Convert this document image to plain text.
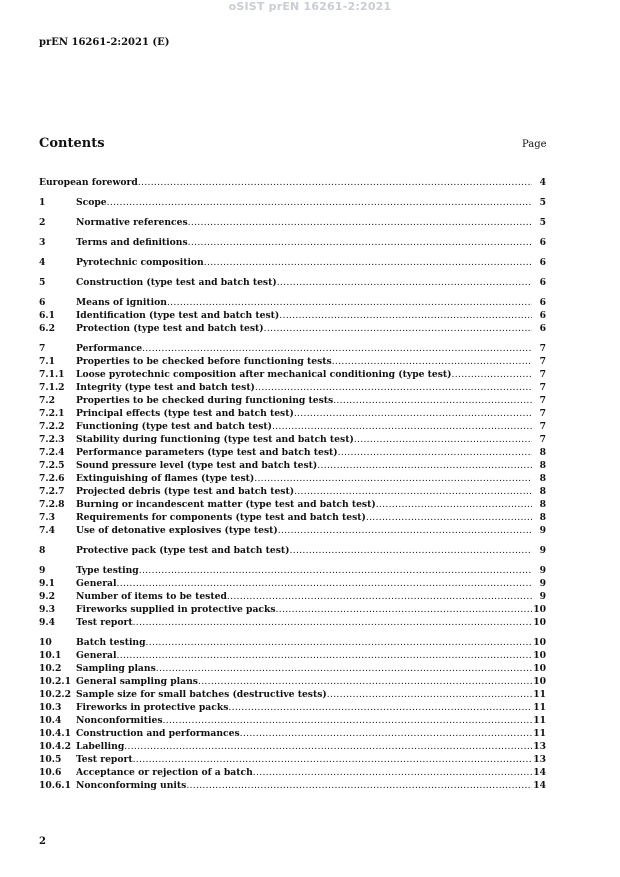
oSIST prEN 16261-2:2021
prEN 16261-2:2021 (E)
Contents	Page
European foreword .....	4
1	Scope .....	5
2	Normative references .....	5
3	Terms and definitions .....	6
4	Pyrotechnic composition .....	6
5	Construction (type test and batch test) .....	6
6	Means of ignition .....	6
6.1 Identification (type test and batch test) .....	6
6.2 Protection (type test and batch test) .....	6
7	Performance .....	7
7.1 Properties to be checked before functioning tests .....	7
7.1.1 Loose pyrotechnic composition after mechanical conditioning (type test) .....	7
7.1.2 Integrity (type test and batch test) .....	7
7.2 Properties to be checked during functioning tests .....	7
7.2.1 Principal effects (type test and batch test) .....	7
7.2.2 Functioning (type test and batch test) .....	7
7.2.3 Stability during functioning (type test and batch test) .....	7
7.2.4 Performance parameters (type test and batch test) .....	8
7.2.5 Sound pressure level (type test and batch test) .....	8
7.2.6 Extinguishing of flames (type test) .....	8
7.2.7 Projected debris (type test and batch test) .....	8
7.2.8 Burning or incandescent matter (type test and batch test) .....	8
7.3 Requirements for components (type test and batch test) .....	8
7.4 Use of detonative explosives (type test) .....	9
8	Protective pack (type test and batch test) .....	9
9	Type testing .....	9
9.1 General .....	9
9.2 Number of items to be tested .....	9
9.3 Fireworks supplied in protective packs .....	10
9.4 Test report .....	10
10	Batch testing .....	10
10.1 General .....	10
10.2 Sampling plans .....	10
10.2.1 General sampling plans .....	10
10.2.2 Sample size for small batches (destructive tests) .....	11
10.3 Fireworks in protective packs .....	11
10.4 Nonconformities .....	11
10.4.1 Construction and performances .....	11
10.4.2 Labelling .....	13
10.5 Test report .....	13
10.6 Acceptance or rejection of a batch .....	14
10.6.1 Nonconforming units .....	14
2
